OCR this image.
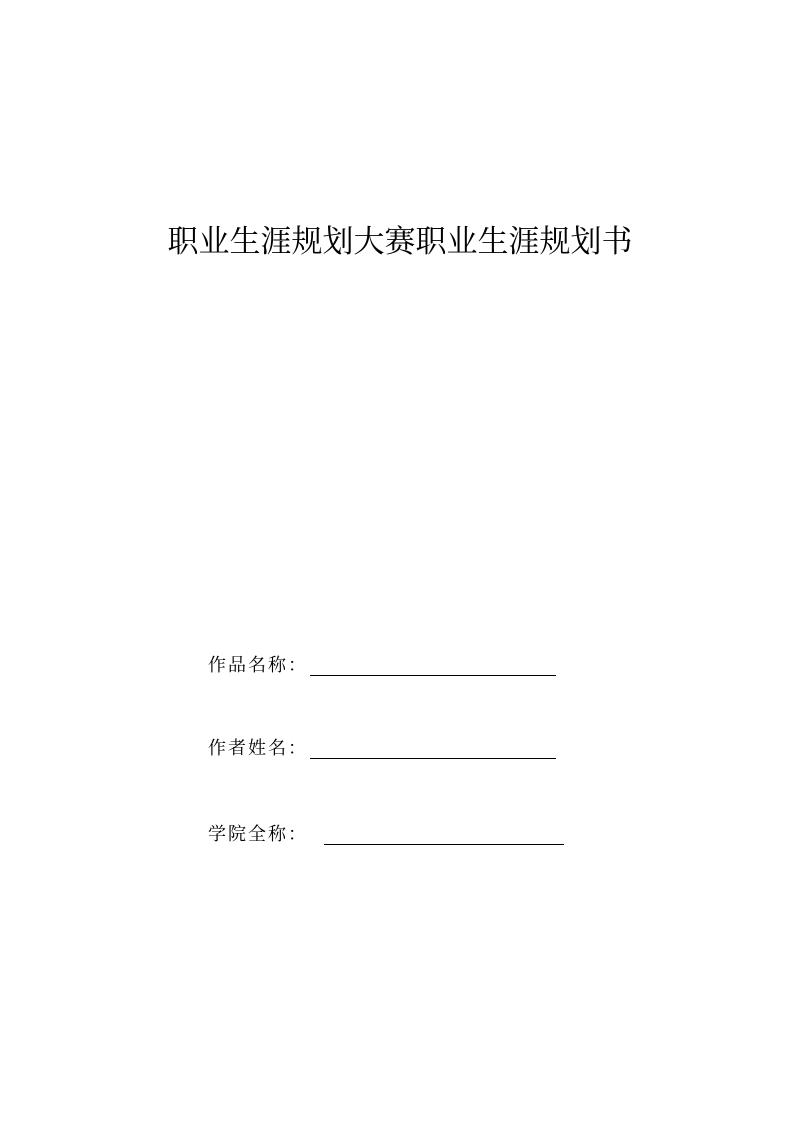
职业生涯规划大赛职业生涯规划书
作品名称：
作者姓名：
学院全称：
